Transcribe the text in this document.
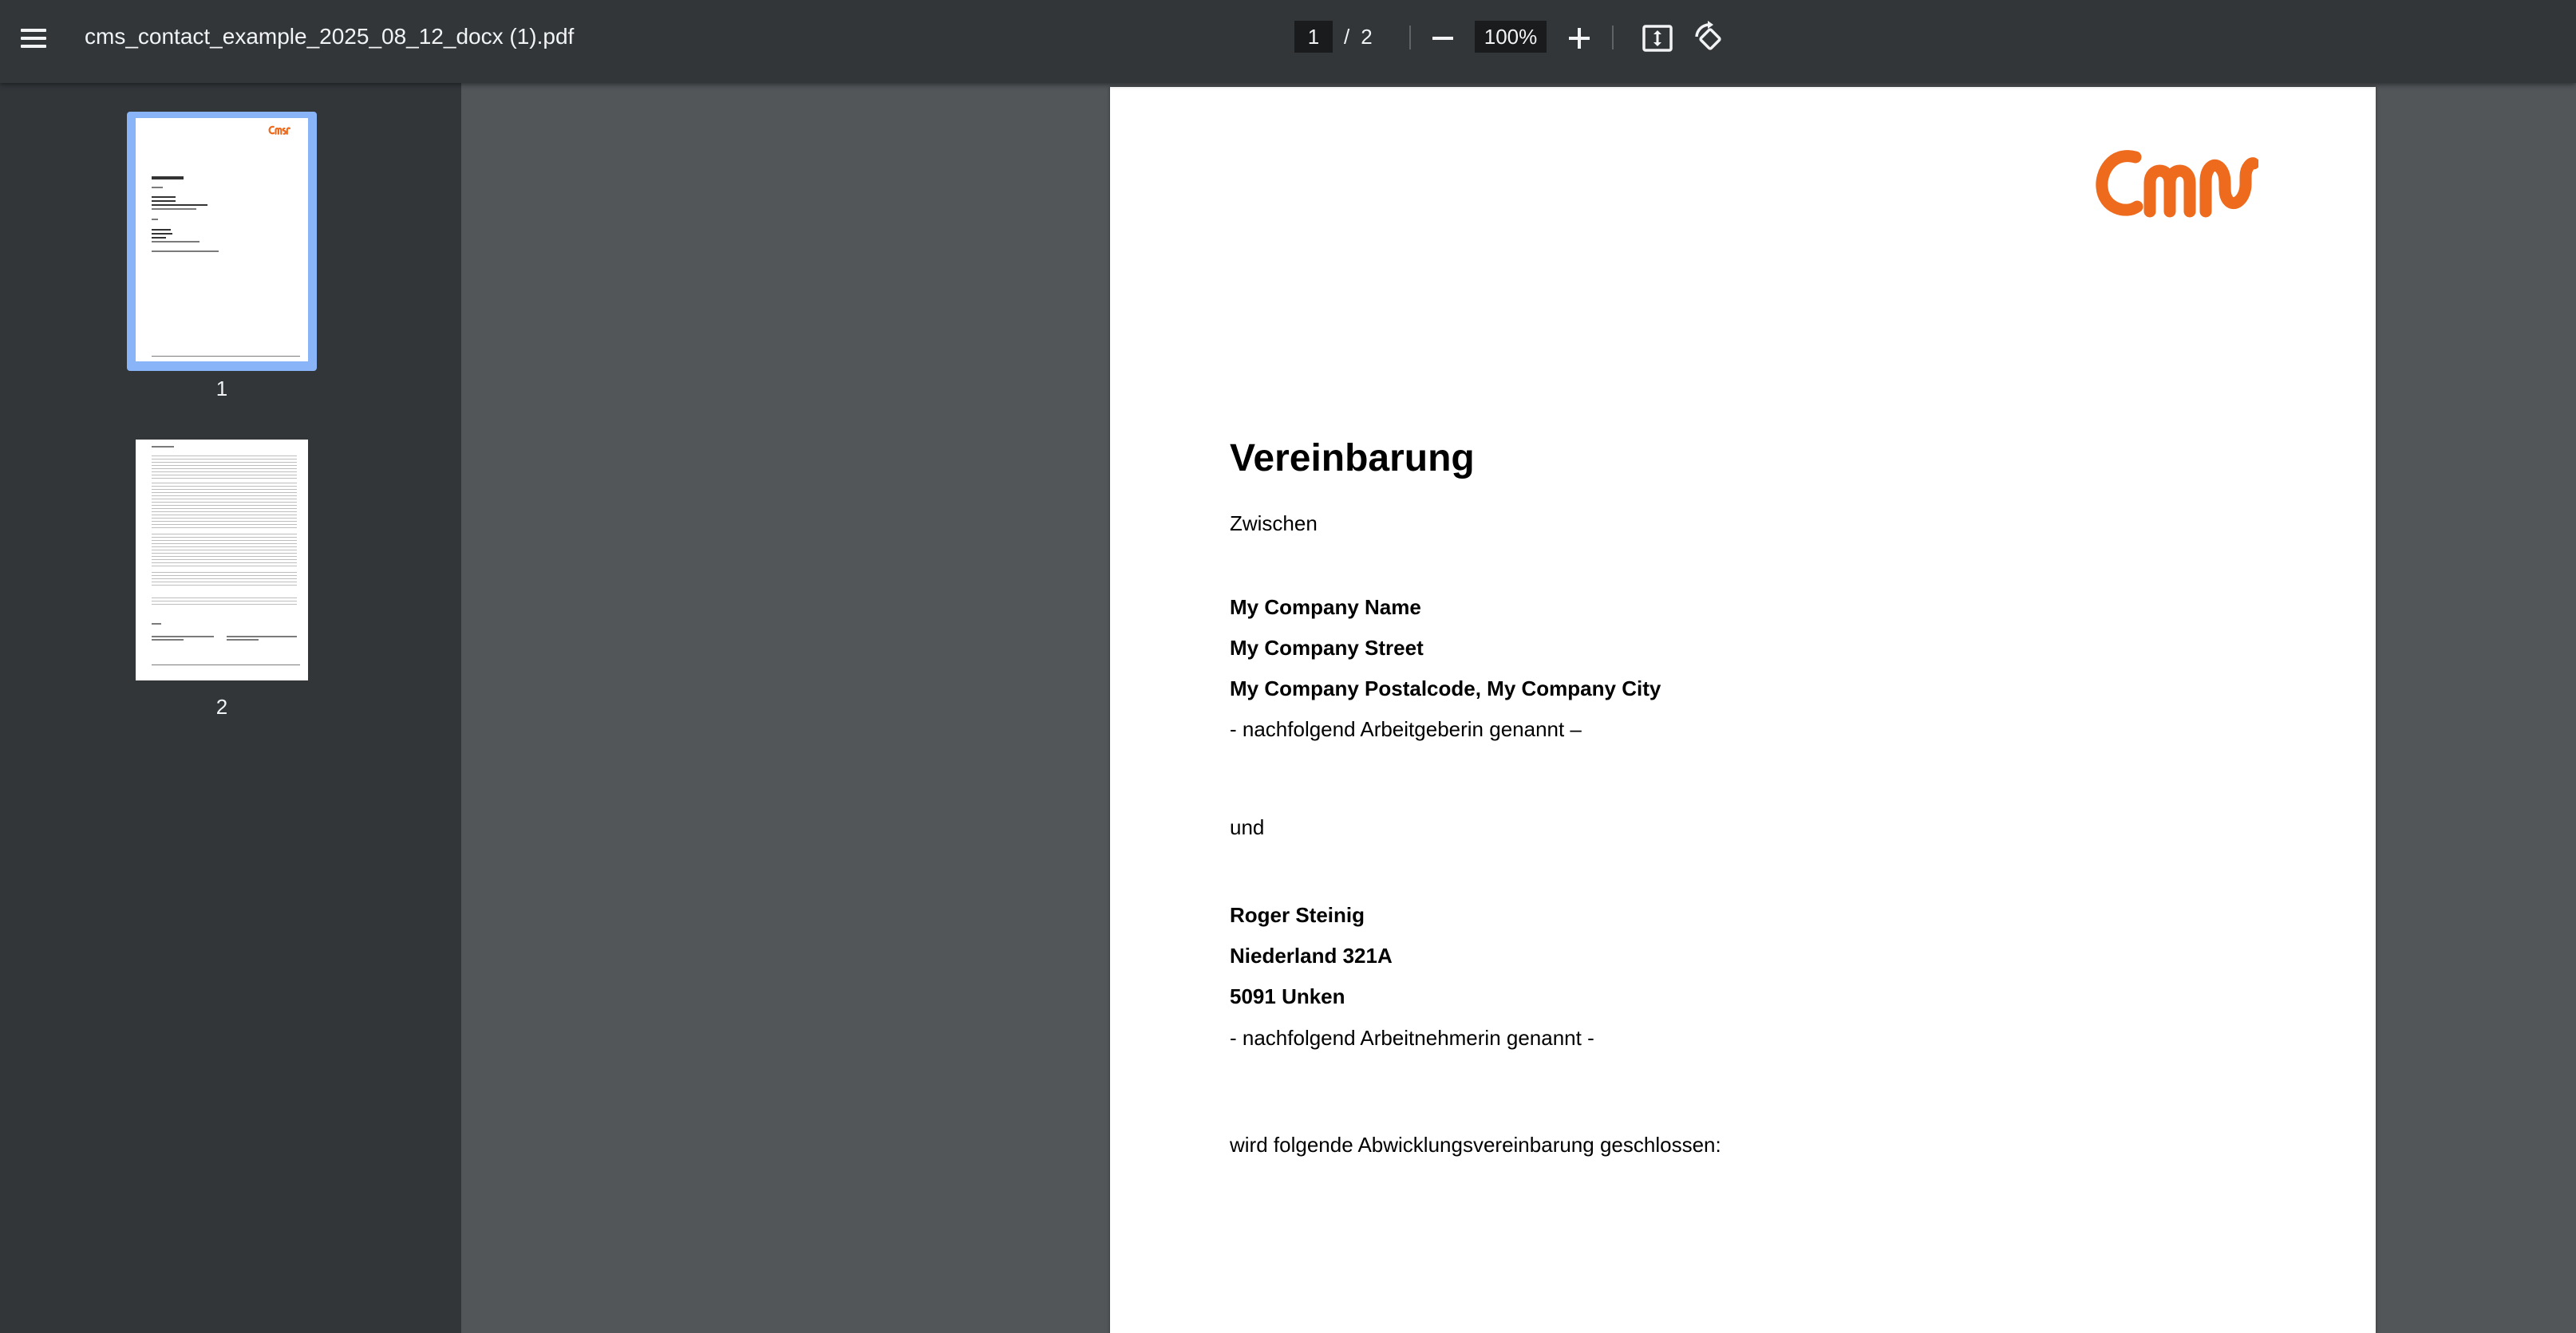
cms_contact_example_2025_08_12_docx (1).pdf
1	/ 2
100%
1
2
Vereinbarung
Zwischen
My Company Name
My Company Street
My Company Postalcode, My Company City
- nachfolgend Arbeitgeberin genannt –
und
Roger Steinig
Niederland 321A
5091 Unken
- nachfolgend Arbeitnehmerin genannt -
wird folgende Abwicklungsvereinbarung geschlossen:
